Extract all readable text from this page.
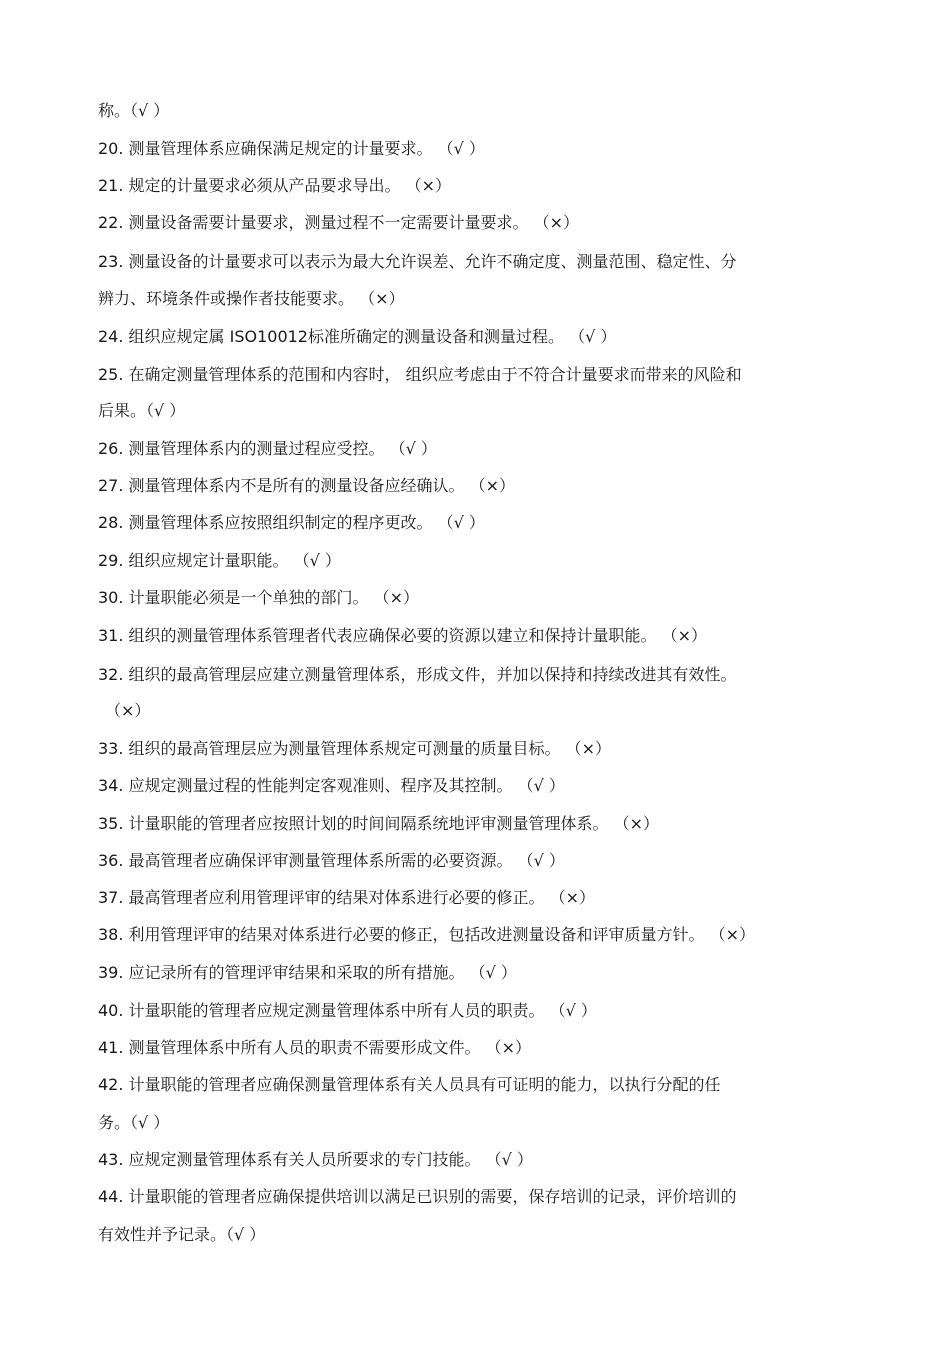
称。（√ ）
20. 测量管理体系应确保满足规定的计量要求。 （√ ）
21. 规定的计量要求必须从产品要求导出。 （×）
22. 测量设备需要计量要求，测量过程不一定需要计量要求。 （×）
23. 测量设备的计量要求可以表示为最大允许误差、允许不确定度、测量范围、稳定性、分
辨力、环境条件或操作者技能要求。 （×）
24. 组织应规定属 ISO10012标准所确定的测量设备和测量过程。 （√ ）
25. 在确定测量管理体系的范围和内容时， 组织应考虑由于不符合计量要求而带来的风险和
后果。（√ ）
26. 测量管理体系内的测量过程应受控。 （√ ）
27. 测量管理体系内不是所有的测量设备应经确认。 （×）
28. 测量管理体系应按照组织制定的程序更改。 （√ ）
29. 组织应规定计量职能。 （√ ）
30. 计量职能必须是一个单独的部门。 （×）
31. 组织的测量管理体系管理者代表应确保必要的资源以建立和保持计量职能。 （×）
32. 组织的最高管理层应建立测量管理体系，形成文件，并加以保持和持续改进其有效性。
（×）
33. 组织的最高管理层应为测量管理体系规定可测量的质量目标。 （×）
34. 应规定测量过程的性能判定客观准则、程序及其控制。 （√ ）
35. 计量职能的管理者应按照计划的时间间隔系统地评审测量管理体系。 （×）
36. 最高管理者应确保评审测量管理体系所需的必要资源。 （√ ）
37. 最高管理者应利用管理评审的结果对体系进行必要的修正。 （×）
38. 利用管理评审的结果对体系进行必要的修正，包括改进测量设备和评审质量方针。 （×）
39. 应记录所有的管理评审结果和采取的所有措施。 （√ ）
40. 计量职能的管理者应规定测量管理体系中所有人员的职责。 （√ ）
41. 测量管理体系中所有人员的职责不需要形成文件。 （×）
42. 计量职能的管理者应确保测量管理体系有关人员具有可证明的能力，以执行分配的任
务。（√ ）
43. 应规定测量管理体系有关人员所要求的专门技能。 （√ ）
44. 计量职能的管理者应确保提供培训以满足已识别的需要，保存培训的记录，评价培训的
有效性并予记录。（√ ）
